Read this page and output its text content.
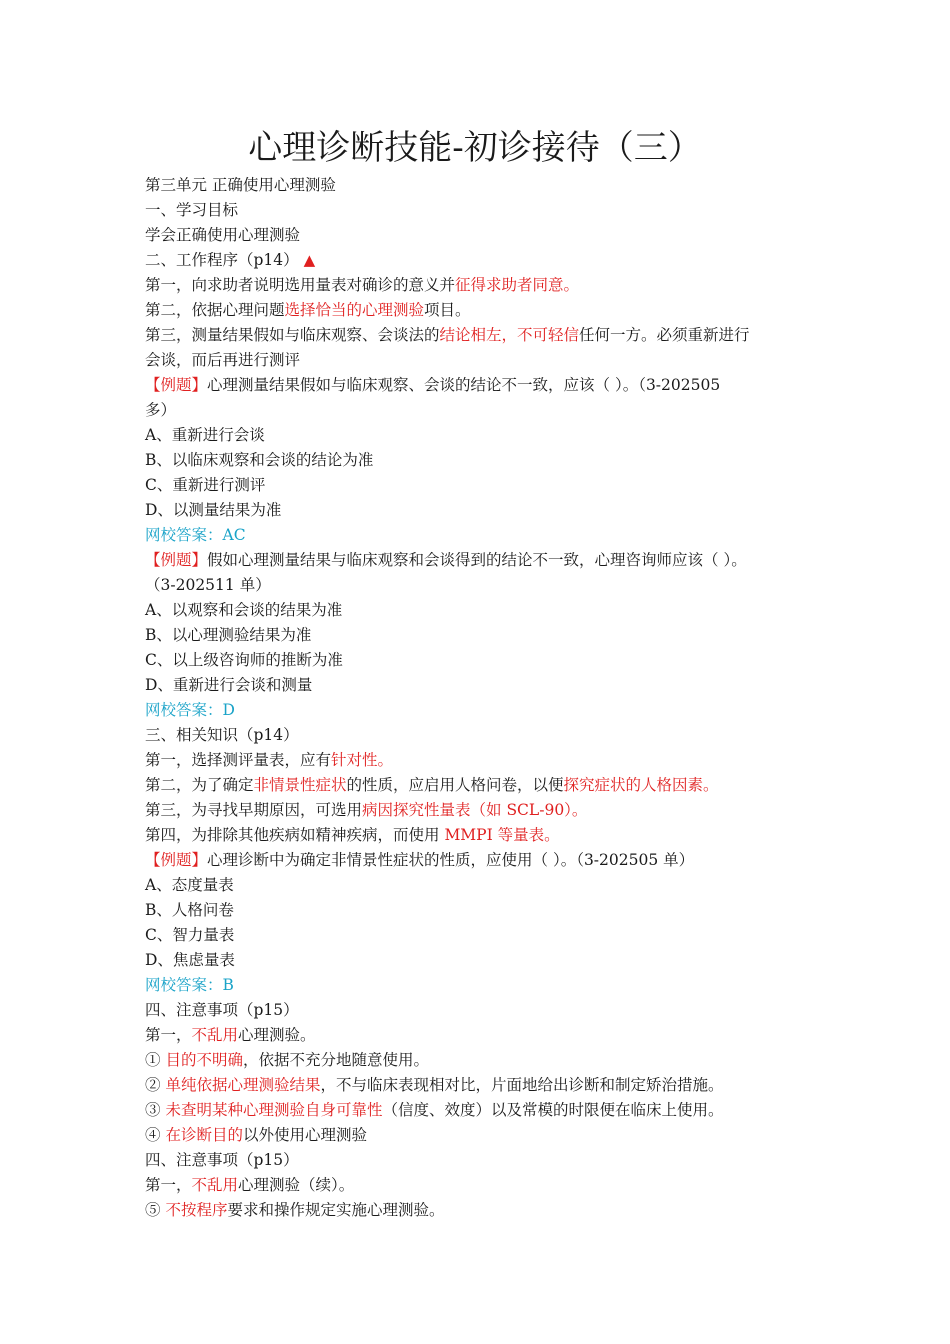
心理诊断技能-初诊接待（三）
第三单元 正确使用心理测验
一、学习目标
学会正确使用心理测验
二、工作程序（p14） ▲
第一，向求助者说明选用量表对确诊的意义并征得求助者同意。
第二，依据心理问题选择恰当的心理测验项目。
第三，测量结果假如与临床观察、会谈法的结论相左，不可轻信任何一方。必须重新进行
会谈，而后再进行测评
【例题】心理测量结果假如与临床观察、会谈的结论不一致，应该（ ）。（3-202505
多）
A、重新进行会谈
B、以临床观察和会谈的结论为准
C、重新进行测评
D、以测量结果为准
网校答案：AC
【例题】假如心理测量结果与临床观察和会谈得到的结论不一致，心理咨询师应该（ ）。
（3-202511 单）
A、以观察和会谈的结果为准
B、以心理测验结果为准
C、以上级咨询师的推断为准
D、重新进行会谈和测量
网校答案：D
三、相关知识（p14）
第一，选择测评量表，应有针对性。
第二，为了确定非情景性症状的性质，应启用人格问卷，以便探究症状的人格因素。
第三，为寻找早期原因，可选用病因探究性量表（如 SCL-90）。
第四，为排除其他疾病如精神疾病，而使用 MMPI 等量表。
【例题】心理诊断中为确定非情景性症状的性质，应使用（ ）。（3-202505 单）
A、态度量表
B、人格问卷
C、智力量表
D、焦虑量表
网校答案：B
四、注意事项（p15）
第一，不乱用心理测验。
① 目的不明确，依据不充分地随意使用。
② 单纯依据心理测验结果，不与临床表现相对比，片面地给出诊断和制定矫治措施。
③ 未查明某种心理测验自身可靠性（信度、效度）以及常模的时限便在临床上使用。
④ 在诊断目的以外使用心理测验
四、注意事项（p15）
第一，不乱用心理测验（续）。
⑤ 不按程序要求和操作规定实施心理测验。
